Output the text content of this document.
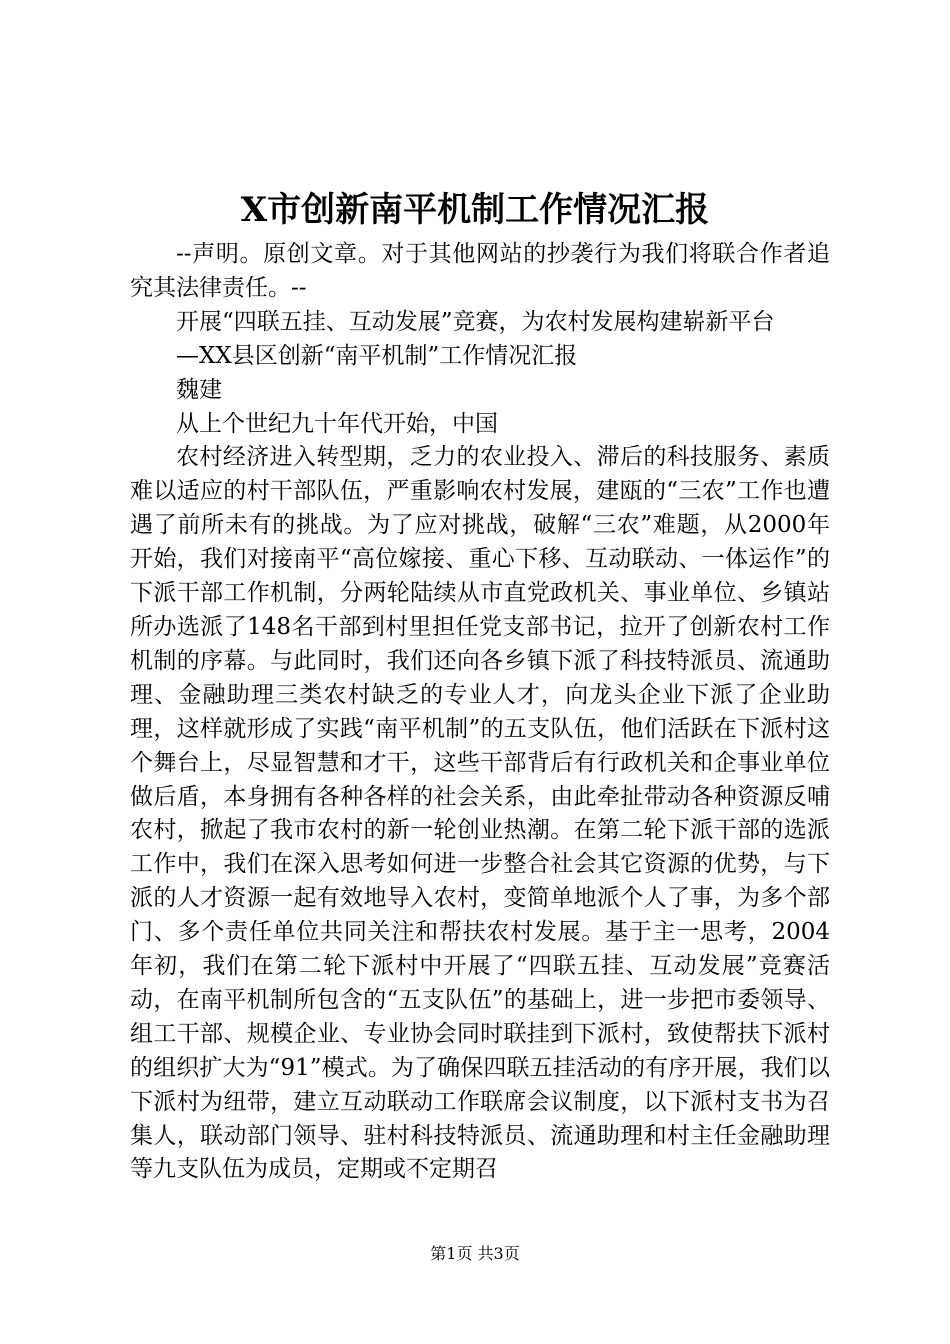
X市创新南平机制工作情况汇报

--声明。原创文章。对于其他网站的抄袭行为我们将联合作者追究其法律责任。--

开展“四联五挂、互动发展”竞赛，为农村发展构建崭新平台

—XX县区创新“南平机制”工作情况汇报

魏建

从上个世纪九十年代开始，中国

农村经济进入转型期，乏力的农业投入、滞后的科技服务、素质难以适应的村干部队伍，严重影响农村发展，建瓯的“三农”工作也遭遇了前所未有的挑战。为了应对挑战，破解“三农”难题，从2000年开始，我们对接南平“高位嫁接、重心下移、互动联动、一体运作”的下派干部工作机制，分两轮陆续从市直党政机关、事业单位、乡镇站所办选派了148名干部到村里担任党支部书记，拉开了创新农村工作机制的序幕。与此同时，我们还向各乡镇下派了科技特派员、流通助理、金融助理三类农村缺乏的专业人才，向龙头企业下派了企业助理，这样就形成了实践“南平机制”的五支队伍，他们活跃在下派村这个舞台上，尽显智慧和才干，这些干部背后有行政机关和企事业单位做后盾，本身拥有各种各样的社会关系，由此牵扯带动各种资源反哺农村，掀起了我市农村的新一轮创业热潮。在第二轮下派干部的选派工作中，我们在深入思考如何进一步整合社会其它资源的优势，与下派的人才资源一起有效地导入农村，变简单地派个人了事，为多个部门、多个责任单位共同关注和帮扶农村发展。基于主一思考，2004年初，我们在第二轮下派村中开展了“四联五挂、互动发展”竞赛活动，在南平机制所包含的“五支队伍”的基础上，进一步把市委领导、组工干部、规模企业、专业协会同时联挂到下派村，致使帮扶下派村的组织扩大为“91”模式。为了确保四联五挂活动的有序开展，我们以下派村为纽带，建立互动联动工作联席会议制度，以下派村支书为召集人，联动部门领导、驻村科技特派员、流通助理和村主任金融助理等九支队伍为成员，定期或不定期召

第1页 共3页
